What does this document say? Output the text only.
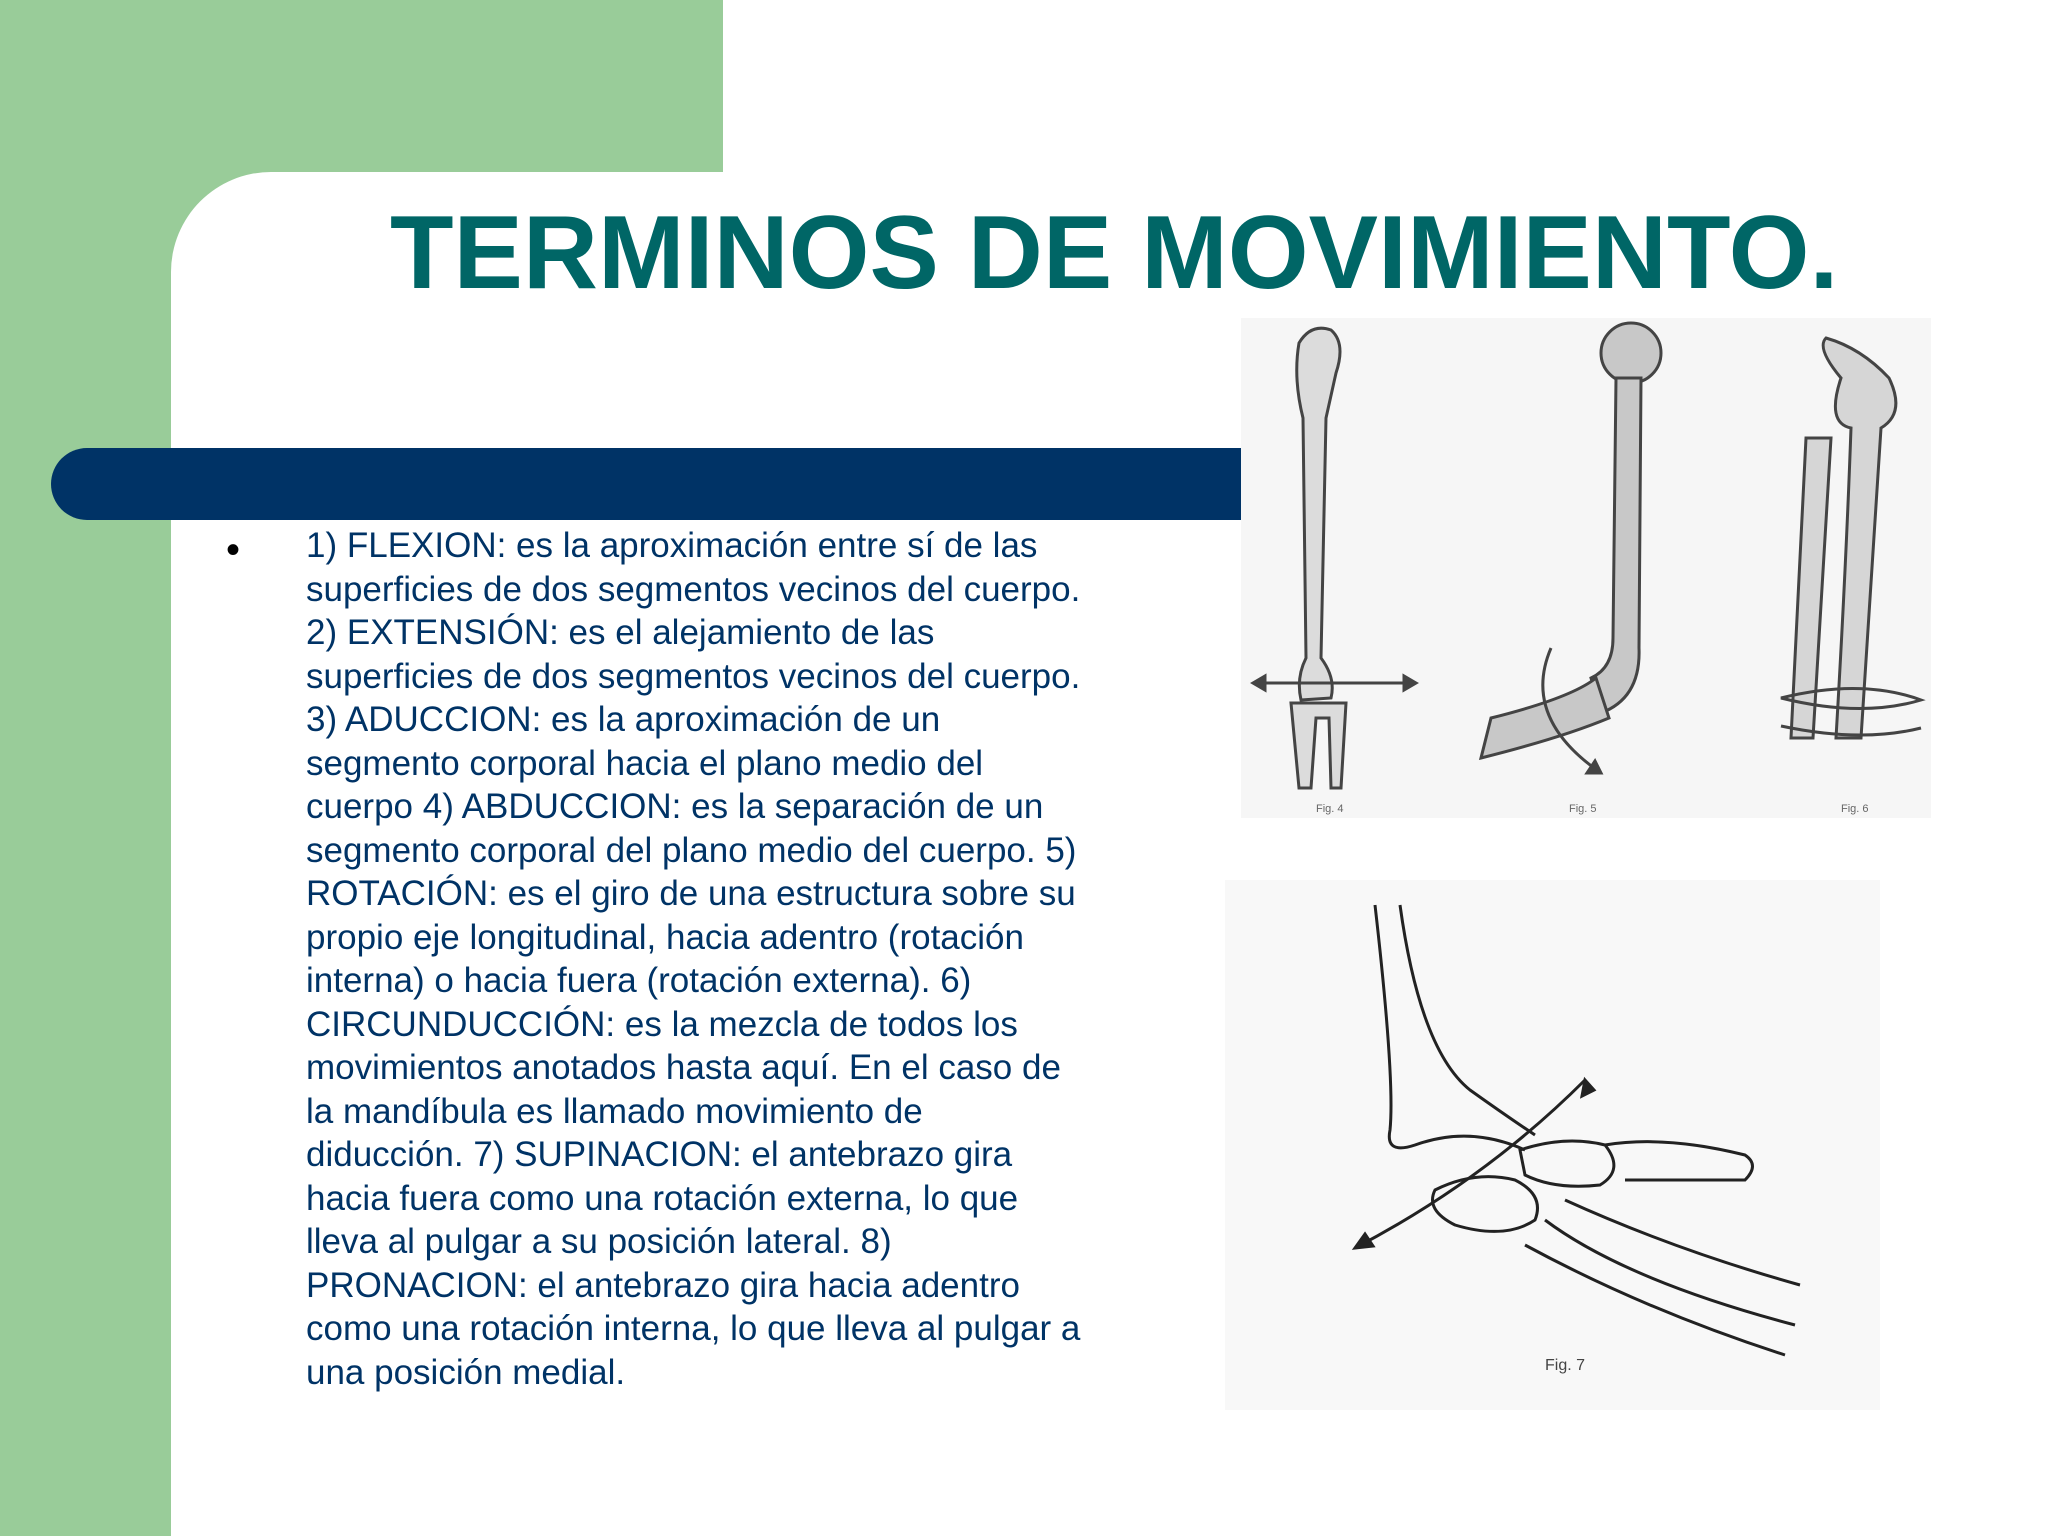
TERMINOS DE MOVIMIENTO.
• 1) FLEXION: es la aproximación entre sí de las superficies de dos segmentos vecinos del cuerpo. 2) EXTENSIÓN: es el alejamiento de las superficies de dos segmentos vecinos del cuerpo. 3) ADUCCION: es la aproximación de un segmento corporal hacia el plano medio del cuerpo 4) ABDUCCION: es la separación de un segmento corporal del plano medio del cuerpo. 5) ROTACIÓN: es el giro de una estructura sobre su propio eje longitudinal, hacia adentro (rotación interna) o hacia fuera (rotación externa). 6) CIRCUNDUCCIÓN: es la mezcla de todos los movimientos anotados hasta aquí. En el caso de la mandíbula es llamado movimiento de diducción. 7) SUPINACION: el antebrazo gira hacia fuera como una rotación externa, lo que lleva al pulgar a su posición lateral. 8) PRONACION: el antebrazo gira hacia adentro como una rotación interna, lo que lleva al pulgar a una posición medial.

Fig. 4	Fig. 5	Fig. 6
Fig. 7
